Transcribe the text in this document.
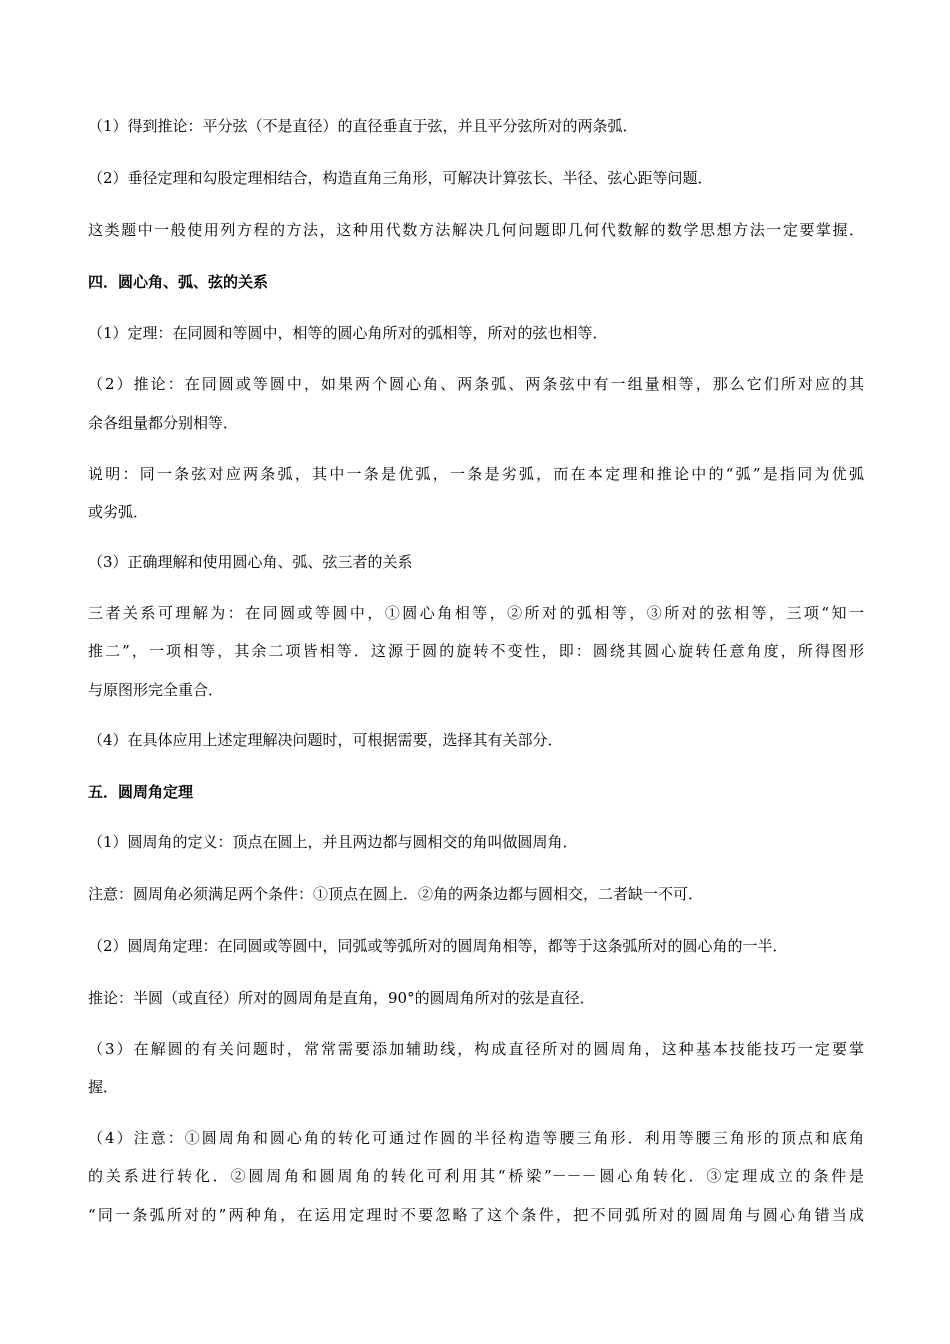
（1）得到推论：平分弦（不是直径）的直径垂直于弦，并且平分弦所对的两条弧．
（2）垂径定理和勾股定理相结合，构造直角三角形，可解决计算弦长、半径、弦心距等问题．
这类题中一般使用列方程的方法，这种用代数方法解决几何问题即几何代数解的数学思想方法一定要掌握．
四．圆心角、弧、弦的关系
（1）定理：在同圆和等圆中，相等的圆心角所对的弧相等，所对的弦也相等．
（2）推论：在同圆或等圆中，如果两个圆心角、两条弧、两条弦中有一组量相等，那么它们所对应的其
余各组量都分别相等．
说明：同一条弦对应两条弧，其中一条是优弧，一条是劣弧，而在本定理和推论中的“弧”是指同为优弧
或劣弧．
（3）正确理解和使用圆心角、弧、弦三者的关系
三者关系可理解为：在同圆或等圆中，①圆心角相等，②所对的弧相等，③所对的弦相等，三项“知一
推二”，一项相等，其余二项皆相等．这源于圆的旋转不变性，即：圆绕其圆心旋转任意角度，所得图形
与原图形完全重合．
（4）在具体应用上述定理解决问题时，可根据需要，选择其有关部分．
五．圆周角定理
（1）圆周角的定义：顶点在圆上，并且两边都与圆相交的角叫做圆周角．
注意：圆周角必须满足两个条件：①顶点在圆上．②角的两条边都与圆相交，二者缺一不可．
（2）圆周角定理：在同圆或等圆中，同弧或等弧所对的圆周角相等，都等于这条弧所对的圆心角的一半．
推论：半圆（或直径）所对的圆周角是直角，90°的圆周角所对的弦是直径．
（3）在解圆的有关问题时，常常需要添加辅助线，构成直径所对的圆周角，这种基本技能技巧一定要掌
握．
（4）注意：①圆周角和圆心角的转化可通过作圆的半径构造等腰三角形．利用等腰三角形的顶点和底角
的关系进行转化．②圆周角和圆周角的转化可利用其“桥梁”－－－圆心角转化．③定理成立的条件是
“同一条弧所对的”两种角，在运用定理时不要忽略了这个条件，把不同弧所对的圆周角与圆心角错当成
